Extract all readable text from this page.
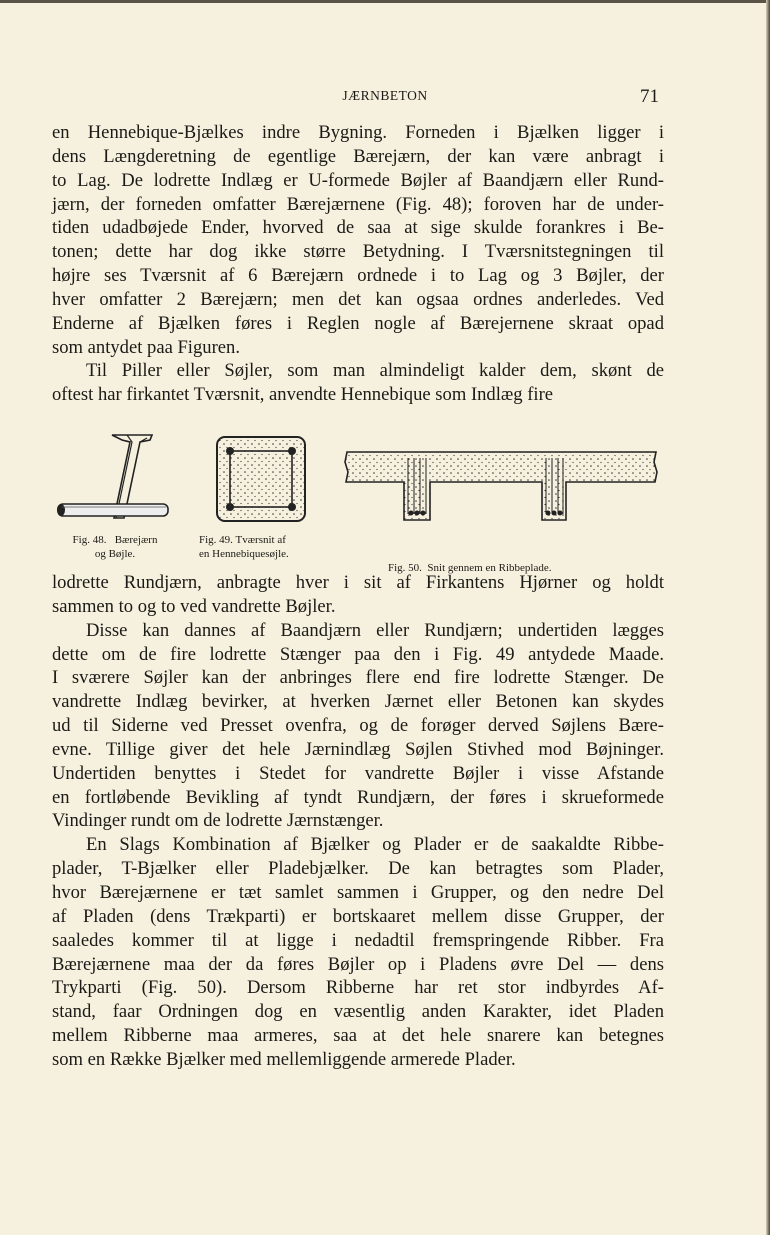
JÆRNBETON	71
en Hennebique-Bjælkes indre Bygning. Forneden i Bjælken ligger i
dens Længderetning de egentlige Bærejærn, der kan være anbragt i
to Lag. De lodrette Indlæg er U-formede Bøjler af Baandjærn eller Rund-
jærn, der forneden omfatter Bærejærnene (Fig. 48); foroven har de under-
tiden udadbøjede Ender, hvorved de saa at sige skulde forankres i Be-
tonen; dette har dog ikke større Betydning. I Tværsnitstegningen til
højre ses Tværsnit af 6 Bærejærn ordnede i to Lag og 3 Bøjler, der
hver omfatter 2 Bærejærn; men det kan ogsaa ordnes anderledes. Ved
Enderne af Bjælken føres i Reglen nogle af Bærejernene skraat opad
som antydet paa Figuren.
Til Piller eller Søjler, som man almindeligt kalder dem, skønt de
oftest har firkantet Tværsnit, anvendte Hennebique som Indlæg fire
Fig. 48.   Bærejærn
og Bøjle.
Fig. 49. Tværsnit af
en Hennebiquesøjle.

Fig. 50.  Snit gennem en Ribbeplade.

lodrette Rundjærn, anbragte hver i sit af Firkantens Hjørner og holdt
sammen to og to ved vandrette Bøjler.
Disse kan dannes af Baandjærn eller Rundjærn; undertiden lægges
dette om de fire lodrette Stænger paa den i Fig. 49 antydede Maade.
I sværere Søjler kan der anbringes flere end fire lodrette Stænger. De
vandrette Indlæg bevirker, at hverken Jærnet eller Betonen kan skydes
ud til Siderne ved Presset ovenfra, og de forøger derved Søjlens Bære-
evne. Tillige giver det hele Jærnindlæg Søjlen Stivhed mod Bøjninger.
Undertiden benyttes i Stedet for vandrette Bøjler i visse Afstande
en fortløbende Bevikling af tyndt Rundjærn, der føres i skrueformede
Vindinger rundt om de lodrette Jærnstænger.
En Slags Kombination af Bjælker og Plader er de saakaldte Ribbe-
plader, T-Bjælker eller Pladebjælker. De kan betragtes som Plader,
hvor Bærejærnene er tæt samlet sammen i Grupper, og den nedre Del
af Pladen (dens Trækparti) er bortskaaret mellem disse Grupper, der
saaledes kommer til at ligge i nedadtil fremspringende Ribber. Fra
Bærejærnene maa der da føres Bøjler op i Pladens øvre Del — dens
Trykparti (Fig. 50). Dersom Ribberne har ret stor indbyrdes Af-
stand, faar Ordningen dog en væsentlig anden Karakter, idet Pladen
mellem Ribberne maa armeres, saa at det hele snarere kan betegnes
som en Række Bjælker med mellemliggende armerede Plader.
